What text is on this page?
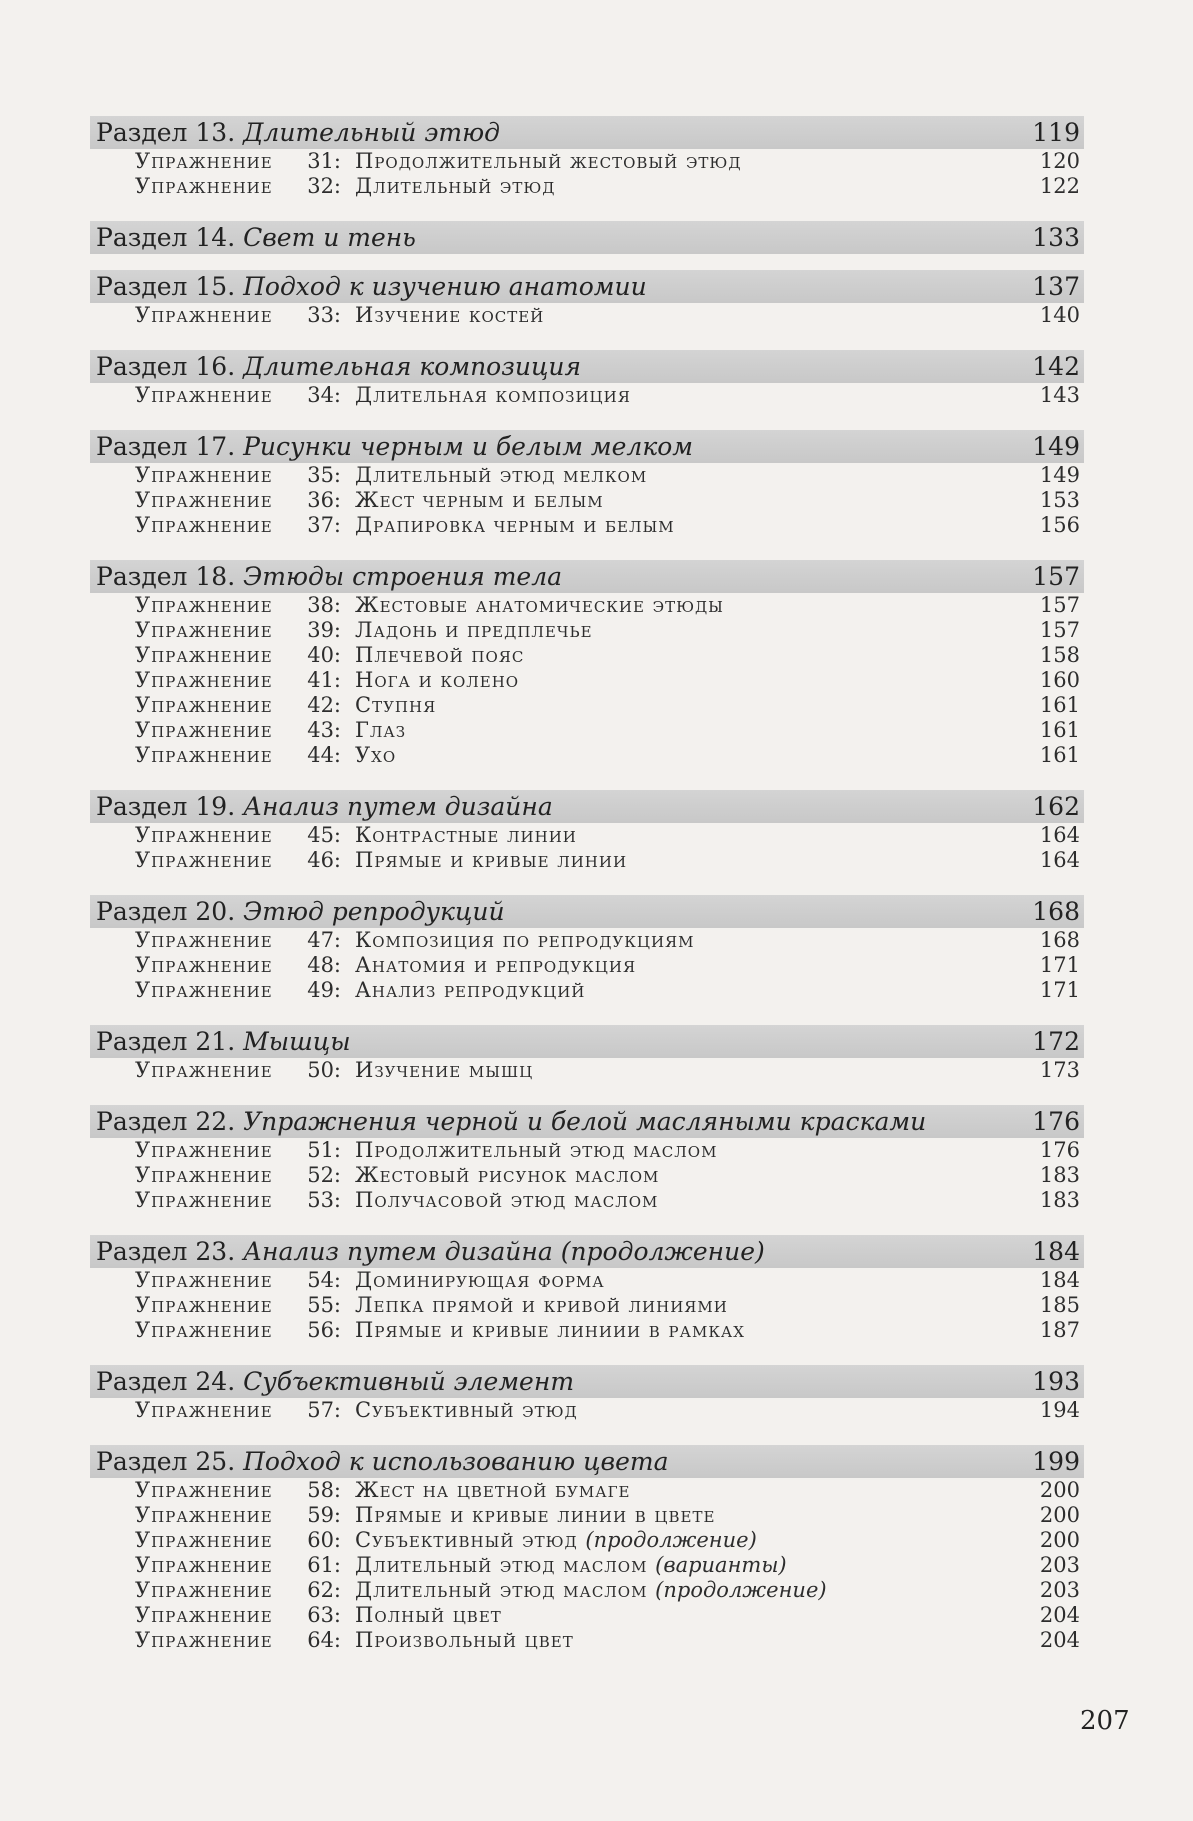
Раздел 13. Длительный этюд	119
Упражнение	31: Продолжительный жестовый этюд	120
Упражнение	32: Длительный этюд	122
Раздел 14. Свет и тень	133
Раздел 15. Подход к изучению анатомии	137
Упражнение	33: Изучение костей	140
Раздел 16. Длительная композиция	142
Упражнение	34: Длительная композиция	143
Раздел 17. Рисунки черным и белым мелком	149
Упражнение	35: Длительный этюд мелком	149
Упражнение	36: Жест черным и белым	153
Упражнение	37: Драпировка черным и белым	156
Раздел 18. Этюды строения тела	157
Упражнение	38: Жестовые анатомические этюды	157
Упражнение	39: Ладонь и предплечье	157
Упражнение	40: Плечевой пояс	158
Упражнение	41: Нога и колено	160
Упражнение	42: Ступня	161
Упражнение	43: Глаз	161
Упражнение	44: Ухо	161
Раздел 19. Анализ путем дизайна	162
Упражнение	45: Контрастные линии	164
Упражнение	46: Прямые и кривые линии	164
Раздел 20. Этюд репродукций	168
Упражнение	47: Композиция по репродукциям	168
Упражнение	48: Анатомия и репродукция	171
Упражнение	49: Анализ репродукций	171
Раздел 21. Мышцы	172
Упражнение	50: Изучение мышц	173
Раздел 22. Упражнения черной и белой масляными красками	176
Упражнение	51: Продолжительный этюд маслом	176
Упражнение	52: Жестовый рисунок маслом	183
Упражнение	53: Получасовой этюд маслом	183
Раздел 23. Анализ путем дизайна (продолжение)	184
Упражнение	54: Доминирующая форма	184
Упражнение	55: Лепка прямой и кривой линиями	185
Упражнение	56: Прямые и кривые линиии в рамках	187
Раздел 24. Субъективный элемент	193
Упражнение	57: Субъективный этюд	194
Раздел 25. Подход к использованию цвета	199
Упражнение	58: Жест на цветной бумаге	200
Упражнение	59: Прямые и кривые линии в цвете	200
Упражнение	60: Субъективный этюд (продолжение)	200
Упражнение	61: Длительный этюд маслом (варианты)	203
Упражнение	62: Длительный этюд маслом (продолжение)	203
Упражнение	63: Полный цвет	204
Упражнение	64: Произвольный цвет	204
207
